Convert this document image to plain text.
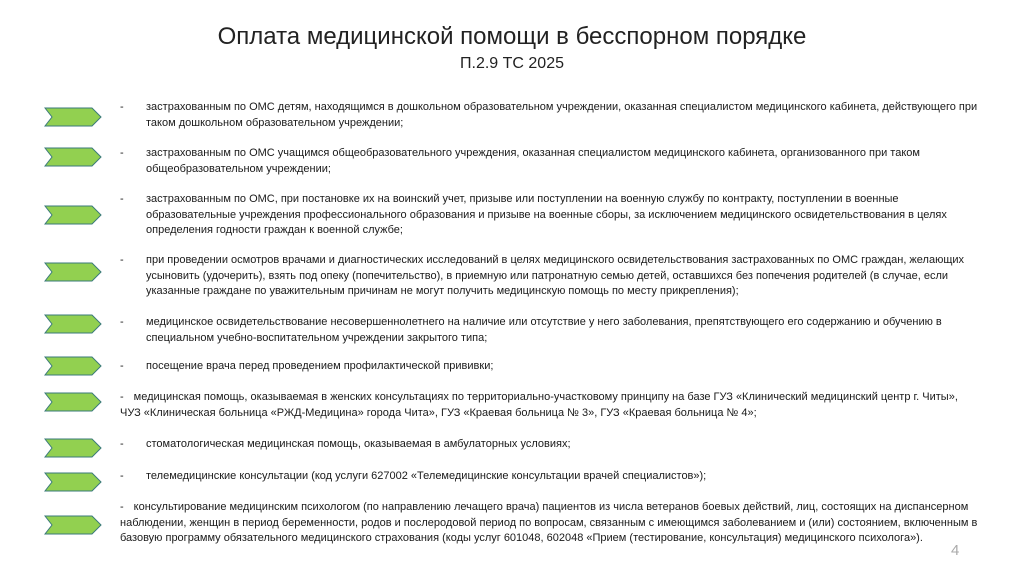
Оплата медицинской помощи в бесспорном порядке
П.2.9 ТС 2025
-	застрахованным по ОМС детям, находящимся в дошкольном образовательном учреждении, оказанная специалистом медицинского кабинета, действующего при таком дошкольном образовательном учреждении;
-	застрахованным по ОМС учащимся общеобразовательного учреждения, оказанная специалистом медицинского кабинета, организованного при таком общеобразовательном учреждении;
-	застрахованным по ОМС, при постановке их на воинский учет, призыве или поступлении на военную службу по контракту, поступлении в военные образовательные учреждения профессионального образования и призыве на военные сборы, за исключением медицинского освидетельствования в целях определения годности граждан к военной службе;
-	при проведении осмотров врачами и диагностических исследований в целях медицинского освидетельствования застрахованных по ОМС граждан, желающих усыновить (удочерить), взять под опеку (попечительство), в приемную или патронатную семью детей, оставшихся без попечения родителей (в случае, если указанные граждане по уважительным причинам не могут получить медицинскую помощь по месту прикрепления);
-	медицинское освидетельствование несовершеннолетнего на наличие или отсутствие у него заболевания, препятствующего его содержанию и обучению в специальном учебно-воспитательном учреждении закрытого типа;
-	посещение врача перед проведением профилактической прививки;
- медицинская помощь, оказываемая в женских консультациях по территориально-участковому принципу на базе ГУЗ «Клинический медицинский центр г. Читы», ЧУЗ «Клиническая больница «РЖД-Медицина» города Чита», ГУЗ «Краевая больница № 3», ГУЗ «Краевая больница № 4»;
-	стоматологическая медицинская помощь, оказываемая в амбулаторных условиях;
-	телемедицинские консультации (код услуги 627002 «Телемедицинские консультации врачей специалистов»);
- консультирование медицинским психологом (по направлению лечащего врача) пациентов из числа ветеранов боевых действий, лиц, состоящих на диспансерном наблюдении, женщин в период беременности, родов и послеродовой период по вопросам, связанным с имеющимся заболеванием и (или) состоянием, включенным в базовую программу обязательного медицинского страхования (коды услуг 601048, 602048 «Прием (тестирование, консультация) медицинского психолога»).
4
